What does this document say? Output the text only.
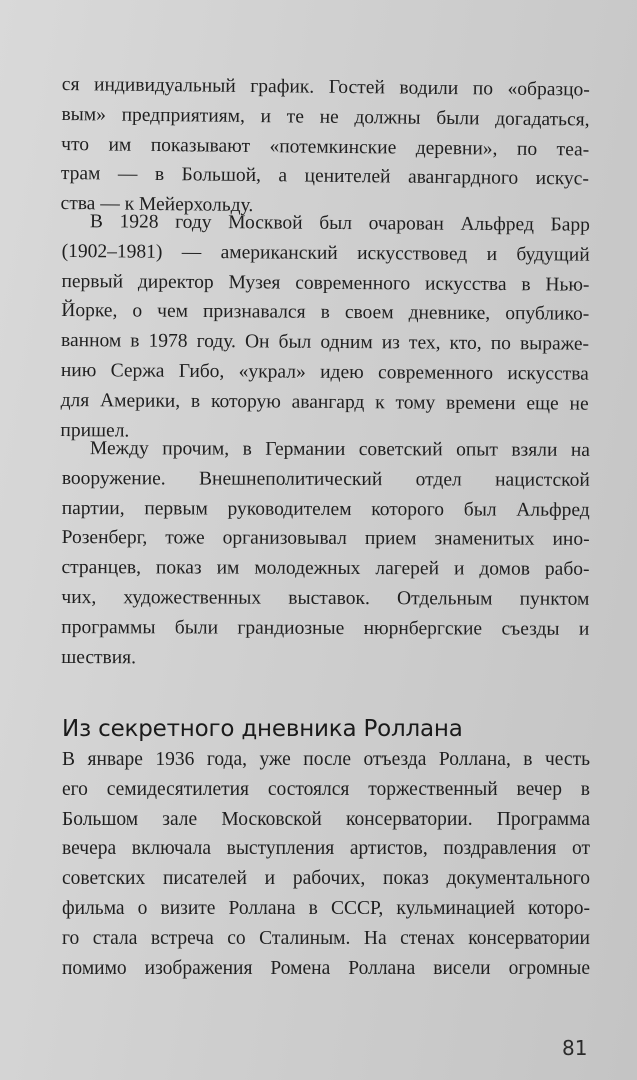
ся индивидуальный график. Гостей водили по «образцо-
вым» предприятиям, и те не должны были догадаться,
что им показывают «потемкинские деревни», по теа-
трам — в Большой, а ценителей авангардного искус-
ства — к Мейерхольду.

В 1928 году Москвой был очарован Альфред Барр
(1902–1981) — американский искусствовед и будущий
первый директор Музея современного искусства в Нью-
Йорке, о чем признавался в своем дневнике, опублико-
ванном в 1978 году. Он был одним из тех, кто, по выраже-
нию Сержа Гибо, «украл» идею современного искусства
для Америки, в которую авангард к тому времени еще не
пришел.

Между прочим, в Германии советский опыт взяли на
вооружение. Внешнеполитический отдел нацистской
партии, первым руководителем которого был Альфред
Розенберг, тоже организовывал прием знаменитых ино-
странцев, показ им молодежных лагерей и домов рабо-
чих, художественных выставок. Отдельным пунктом
программы были грандиозные нюрнбергские съезды и
шествия.

Из секретного дневника Роллана

В январе 1936 года, уже после отъезда Роллана, в честь
его семидесятилетия состоялся торжественный вечер в
Большом зале Московской консерватории. Программа
вечера включала выступления артистов, поздравления от
советских писателей и рабочих, показ документального
фильма о визите Роллана в СССР, кульминацией которо-
го стала встреча со Сталиным. На стенах консерватории
помимо изображения Ромена Роллана висели огромные

81
